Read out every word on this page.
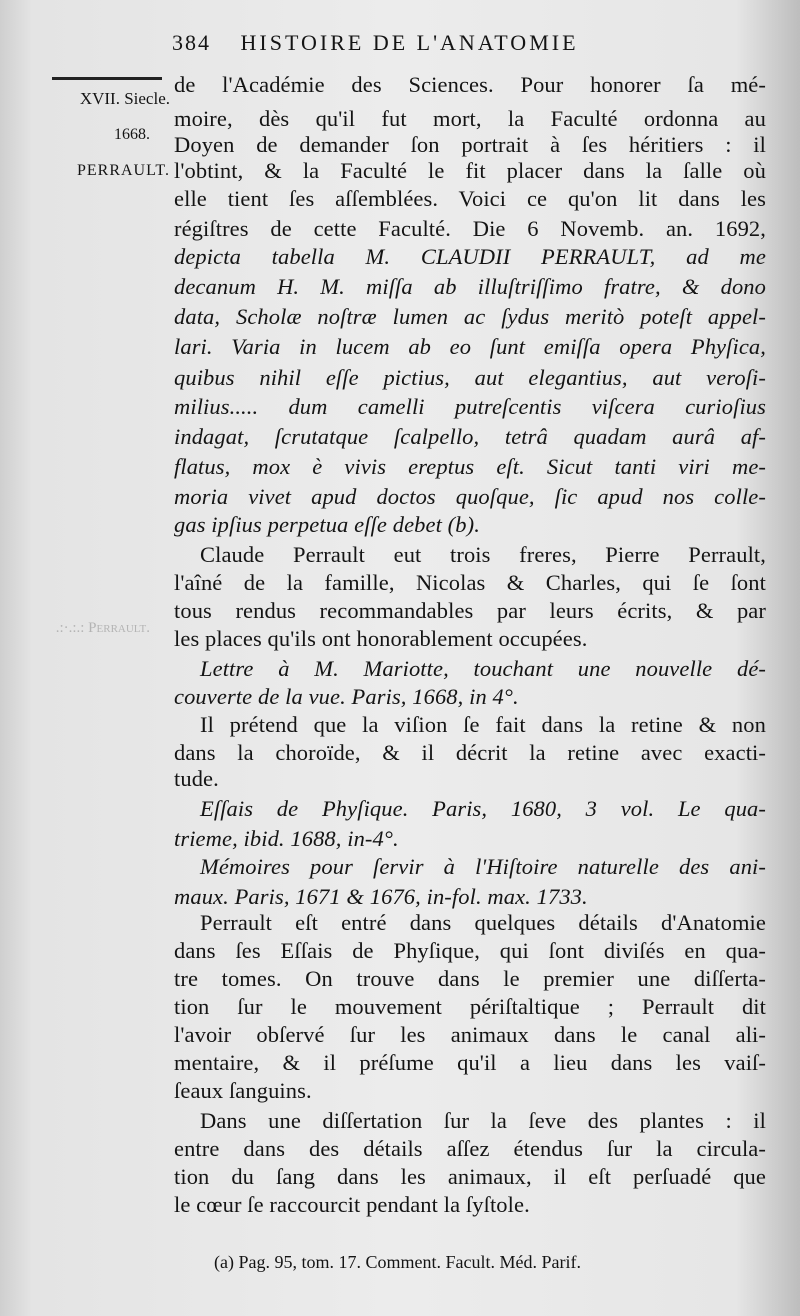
384 HISTOIRE DE L'ANATOMIE
XVII. Siecle.
1668.
PERRAULT.
.:·.:.: Perrault.
de l'Académie des Sciences. Pour honorer ſa mé-
moire, dès qu'il fut mort, la Faculté ordonna au
Doyen de demander ſon portrait à ſes héritiers : il
l'obtint, & la Faculté le fit placer dans la ſalle où
elle tient ſes aſſemblées. Voici ce qu'on lit dans les
régiſtres de cette Faculté. Die 6 Novemb. an. 1692,
depicta tabella M. CLAUDII PERRAULT, ad me
decanum H. M. miſſa ab illuſtriſſimo fratre, & dono
data, Scholæ noſtræ lumen ac ſydus meritò poteſt appel-
lari. Varia in lucem ab eo ſunt emiſſa opera Phyſica,
quibus nihil eſſe pictius, aut elegantius, aut veroſi-
milius..... dum camelli putreſcentis viſcera curioſius
indagat, ſcrutatque ſcalpello, tetrâ quadam aurâ af-
flatus, mox è vivis ereptus eſt. Sicut tanti viri me-
moria vivet apud doctos quoſque, ſic apud nos colle-
gas ipſius perpetua eſſe debet (b).
Claude Perrault eut trois freres, Pierre Perrault,
l'aîné de la famille, Nicolas & Charles, qui ſe ſont
tous rendus recommandables par leurs écrits, & par
les places qu'ils ont honorablement occupées.
Lettre à M. Mariotte, touchant une nouvelle dé-
couverte de la vue. Paris, 1668, in 4°.
Il prétend que la viſion ſe fait dans la retine & non
dans la choroïde, & il décrit la retine avec exacti-
tude.
Eſſais de Phyſique. Paris, 1680, 3 vol. Le qua-
trieme, ibid. 1688, in-4°.
Mémoires pour ſervir à l'Hiſtoire naturelle des ani-
maux. Paris, 1671 & 1676, in-fol. max. 1733.
Perrault eſt entré dans quelques détails d'Anatomie
dans ſes Eſſais de Phyſique, qui ſont diviſés en qua-
tre tomes. On trouve dans le premier une diſſerta-
tion ſur le mouvement périſtaltique ; Perrault dit
l'avoir obſervé ſur les animaux dans le canal ali-
mentaire, & il préſume qu'il a lieu dans les vaiſ-
ſeaux ſanguins.
Dans une diſſertation ſur la ſeve des plantes : il
entre dans des détails aſſez étendus ſur la circula-
tion du ſang dans les animaux, il eſt perſuadé que
le cœur ſe raccourcit pendant la ſyſtole.
(a) Pag. 95, tom. 17. Comment. Facult. Méd. Parif.
